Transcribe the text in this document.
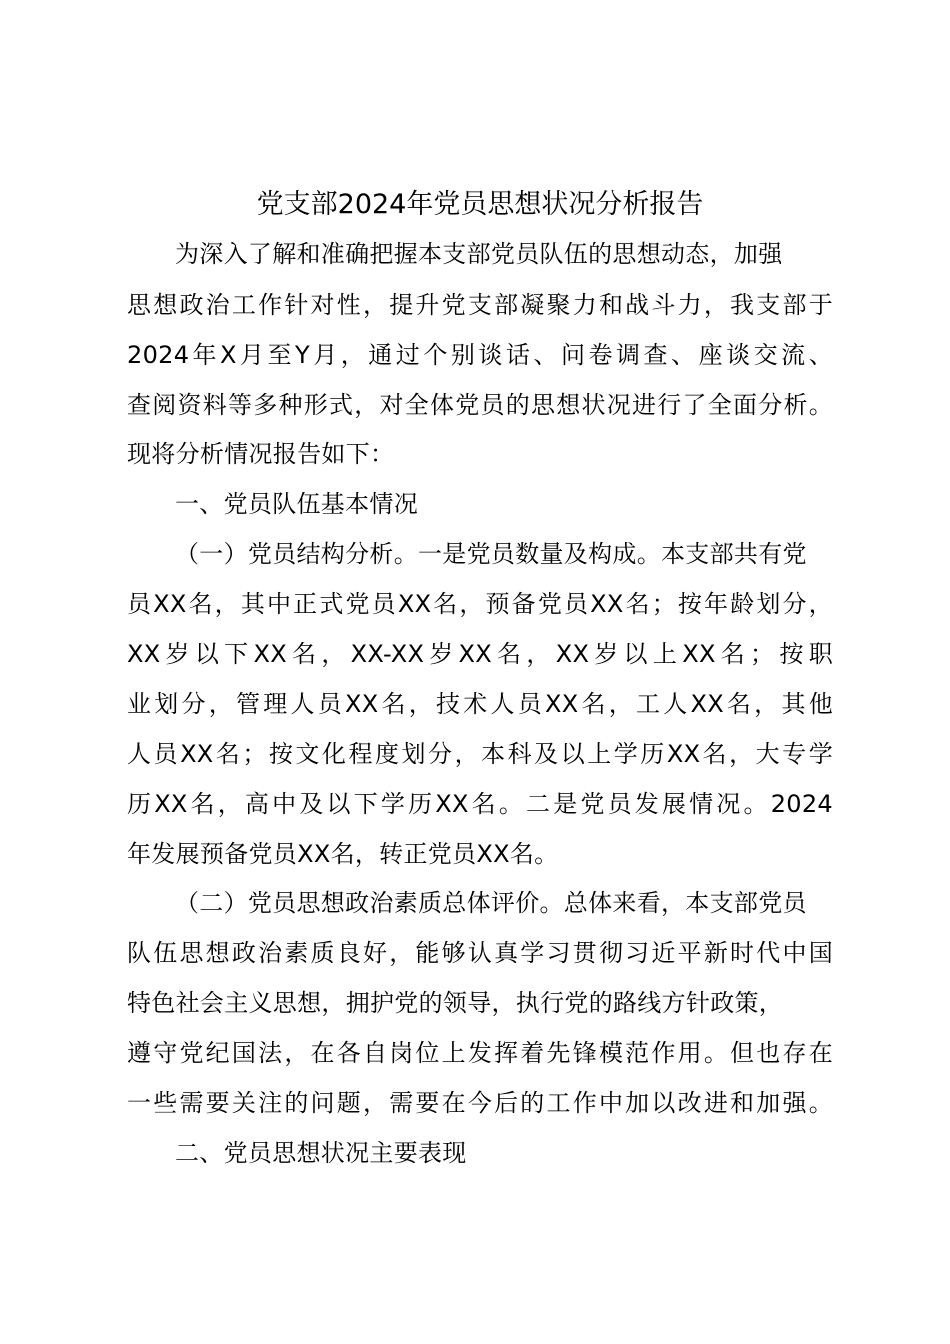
党支部2024年党员思想状况分析报告
为深入了解和准确把握本支部党员队伍的思想动态，加强
思想政治工作针对性，提升党支部凝聚力和战斗力，我支部于
2024年X月至Y月，通过个别谈话、问卷调查、座谈交流、
查阅资料等多种形式，对全体党员的思想状况进行了全面分析。
现将分析情况报告如下：
一、党员队伍基本情况
（一）党员结构分析。一是党员数量及构成。本支部共有党
员XX名，其中正式党员XX名，预备党员XX名；按年龄划分，
XX岁以下XX名，XX-XX岁XX名，XX岁以上XX名；按职
业划分，管理人员XX名，技术人员XX名，工人XX名，其他
人员XX名；按文化程度划分，本科及以上学历XX名，大专学
历XX名，高中及以下学历XX名。二是党员发展情况。2024
年发展预备党员XX名，转正党员XX名。
（二）党员思想政治素质总体评价。总体来看，本支部党员
队伍思想政治素质良好，能够认真学习贯彻习近平新时代中国
特色社会主义思想，拥护党的领导，执行党的路线方针政策，
遵守党纪国法，在各自岗位上发挥着先锋模范作用。但也存在
一些需要关注的问题，需要在今后的工作中加以改进和加强。
二、党员思想状况主要表现
